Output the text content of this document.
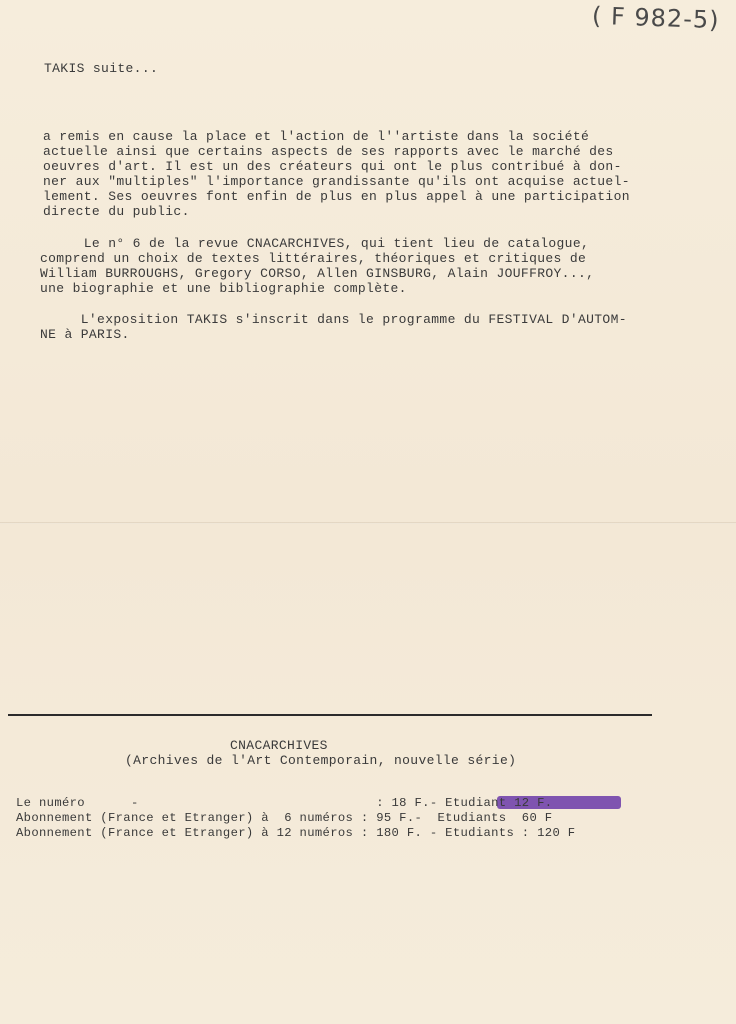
( F 982-5)
TAKIS suite...
a remis en cause la place et l'action de l''artiste dans la société
actuelle ainsi que certains aspects de ses rapports avec le marché des
oeuvres d'art. Il est un des créateurs qui ont le plus contribué à don-
ner aux "multiples" l'importance grandissante qu'ils ont acquise actuel-
lement. Ses oeuvres font enfin de plus en plus appel à une participation
directe du public.
Le n° 6 de la revue CNACARCHIVES, qui tient lieu de catalogue,
comprend un choix de textes littéraires, théoriques et critiques de
William BURROUGHS, Gregory CORSO, Allen GINSBURG, Alain JOUFFROY...,
une biographie et une bibliographie complète.
L'exposition TAKIS s'inscrit dans le programme du FESTIVAL D'AUTOM-
NE à PARIS.
CNACARCHIVES
(Archives de l'Art Contemporain, nouvelle série)
Le numéro      -                               : 18 F.- Etudiant 12 F.
Abonnement (France et Etranger) à  6 numéros : 95 F.-  Etudiants  60 F
Abonnement (France et Etranger) à 12 numéros : 180 F. - Etudiants : 120 F
